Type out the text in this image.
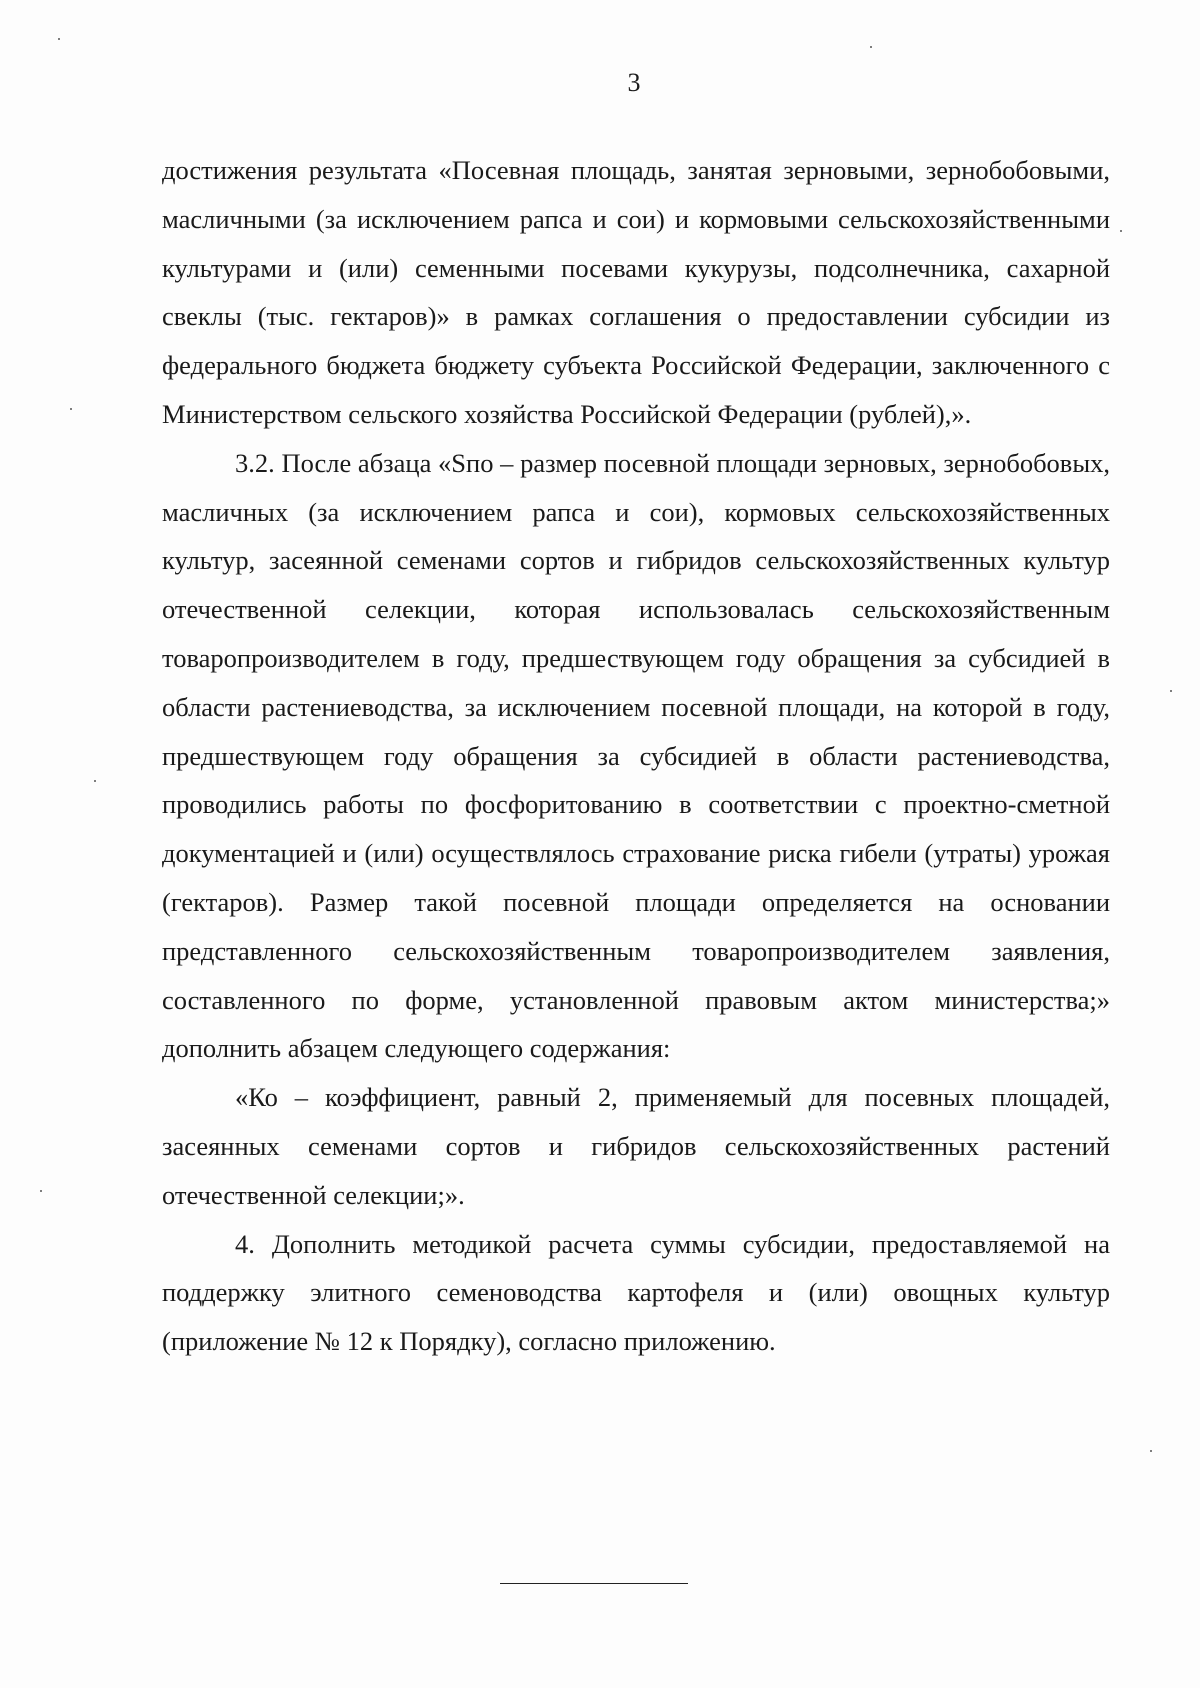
3

достижения результата «Посевная площадь, занятая зерновыми, зернобобовыми, масличными (за исключением рапса и сои) и кормовыми сельскохозяйственными культурами и (или) семенными посевами кукурузы, подсолнечника, сахарной свеклы (тыс. гектаров)» в рамках соглашения о предоставлении субсидии из федерального бюджета бюджету субъекта Российской Федерации, заключенного с Министерством сельского хозяйства Российской Федерации (рублей),».

3.2. После абзаца «Sпо – размер посевной площади зерновых, зернобобовых, масличных (за исключением рапса и сои), кормовых сельскохозяйственных культур, засеянной семенами сортов и гибридов сельскохозяйственных культур отечественной селекции, которая использовалась сельскохозяйственным товаропроизводителем в году, предшествующем году обращения за субсидией в области растениеводства, за исключением посевной площади, на которой в году, предшествующем году обращения за субсидией в области растениеводства, проводились работы по фосфоритованию в соответствии с проектно-сметной документацией и (или) осуществлялось страхование риска гибели (утраты) урожая (гектаров). Размер такой посевной площади определяется на основании представленного сельскохозяйственным товаропроизводителем заявления, составленного по форме, установленной правовым актом министерства;» дополнить абзацем следующего содержания:

«Ко – коэффициент, равный 2, применяемый для посевных площадей, засеянных семенами сортов и гибридов сельскохозяйственных растений отечественной селекции;».

4. Дополнить методикой расчета суммы субсидии, предоставляемой на поддержку элитного семеноводства картофеля и (или) овощных культур (приложение № 12 к Порядку), согласно приложению.
